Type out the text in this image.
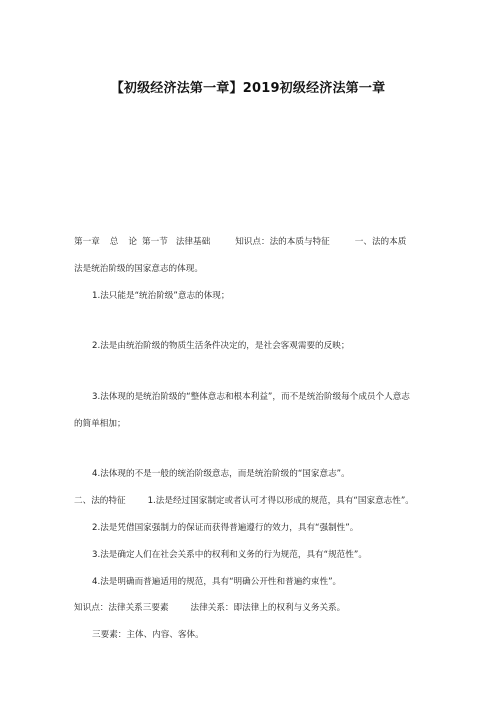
【初级经济法第一章】2019初级经济法第一章
第一章 总 论 第一节 法律基础	知识点：法的本质与特征	一、法的本质
法是统治阶级的国家意志的体现。
1.法只能是“统治阶级”意志的体现；
2.法是由统治阶级的物质生活条件决定的，是社会客观需要的反映；
3.法体现的是统治阶级的“整体意志和根本利益”，而不是统治阶级每个成员个人意志
的简单相加；
4.法体现的不是一般的统治阶级意志，而是统治阶级的“国家意志”。
二、法的特征	1.法是经过国家制定或者认可才得以形成的规范，具有“国家意志性”。
2.法是凭借国家强制力的保证而获得普遍遵行的效力，具有“强制性”。
3.法是确定人们在社会关系中的权利和义务的行为规范，具有“规范性”。
4.法是明确而普遍适用的规范，具有“明确公开性和普遍约束性”。
知识点：法律关系三要素	法律关系：即法律上的权利与义务关系。
三要素：主体、内容、客体。
